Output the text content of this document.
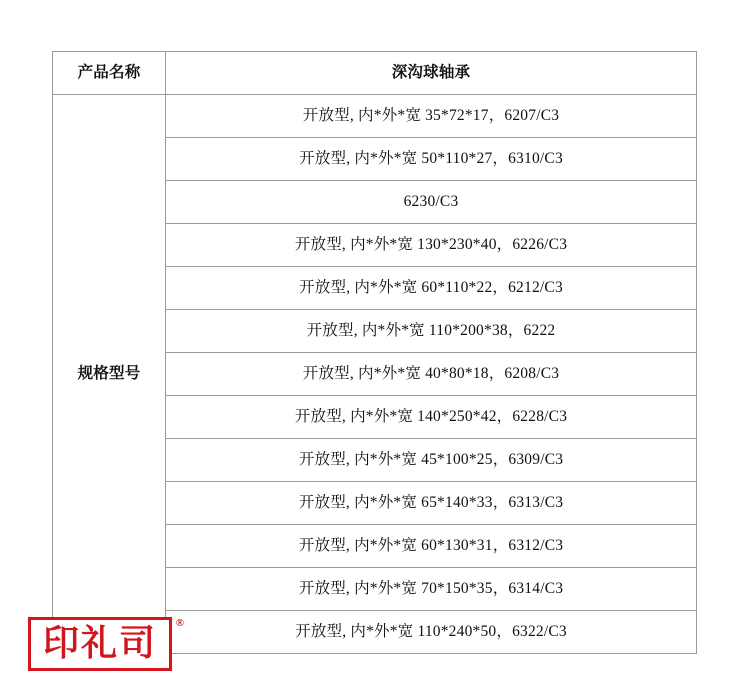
产品名称	深沟球轴承
规格型号	开放型, 内*外*宽 35*72*17，6207/C3
	开放型, 内*外*宽 50*110*27，6310/C3
	6230/C3
	开放型, 内*外*宽 130*230*40，6226/C3
	开放型, 内*外*宽 60*110*22，6212/C3
	开放型, 内*外*宽 110*200*38，6222
	开放型, 内*外*宽 40*80*18，6208/C3
	开放型, 内*外*宽 140*250*42，6228/C3
	开放型, 内*外*宽 45*100*25，6309/C3
	开放型, 内*外*宽 65*140*33，6313/C3
	开放型, 内*外*宽 60*130*31，6312/C3
	开放型, 内*外*宽 70*150*35，6314/C3
	开放型, 内*外*宽 110*240*50，6322/C3
印礼司 ®
